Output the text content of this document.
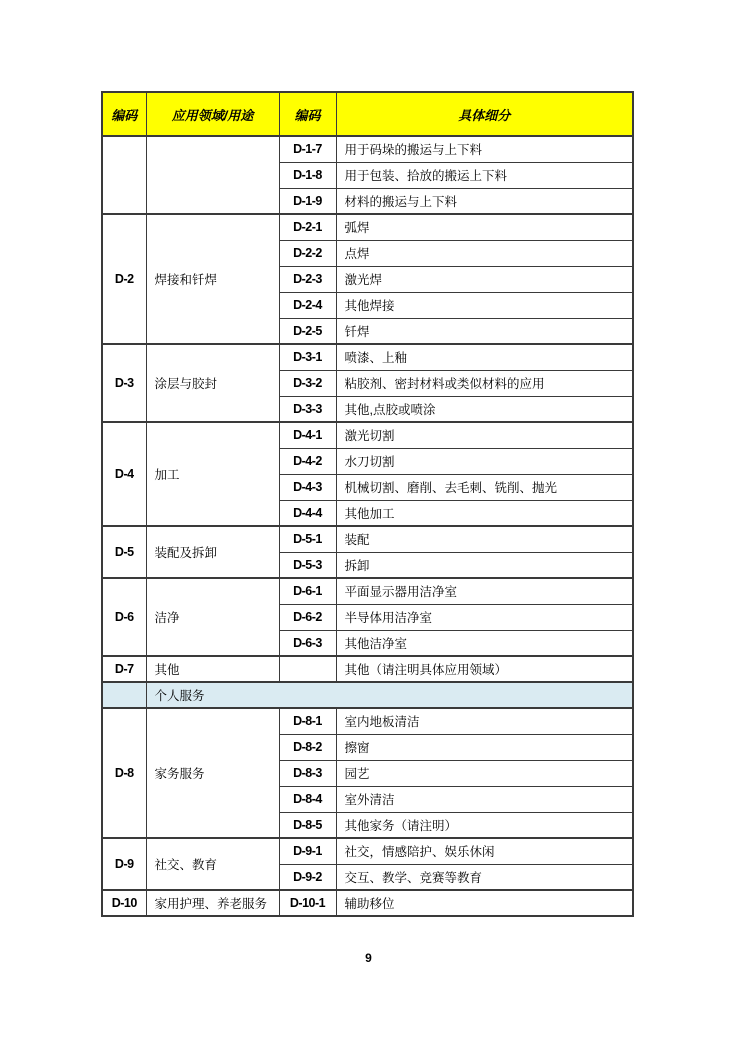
编码	应用领域/用途	编码	具体细分
		D-1-7	用于码垛的搬运与上下料
		D-1-8	用于包装、拾放的搬运上下料
		D-1-9	材料的搬运与上下料
D-2	焊接和钎焊	D-2-1	弧焊
		D-2-2	点焊
		D-2-3	激光焊
		D-2-4	其他焊接
		D-2-5	钎焊
D-3	涂层与胶封	D-3-1	喷漆、上釉
		D-3-2	粘胶剂、密封材料或类似材料的应用
		D-3-3	其他,点胶或喷涂
D-4	加工	D-4-1	激光切割
		D-4-2	水刀切割
		D-4-3	机械切割、磨削、去毛刺、铣削、抛光
		D-4-4	其他加工
D-5	装配及拆卸	D-5-1	装配
		D-5-3	拆卸
D-6	洁净	D-6-1	平面显示器用洁净室
		D-6-2	半导体用洁净室
		D-6-3	其他洁净室
D-7	其他		其他（请注明具体应用领域）
	个人服务		
D-8	家务服务	D-8-1	室内地板清洁
		D-8-2	擦窗
		D-8-3	园艺
		D-8-4	室外清洁
		D-8-5	其他家务（请注明）
D-9	社交、教育	D-9-1	社交，情感陪护、娱乐休闲
		D-9-2	交互、教学、竞赛等教育
D-10	家用护理、养老服务	D-10-1	辅助移位
9
